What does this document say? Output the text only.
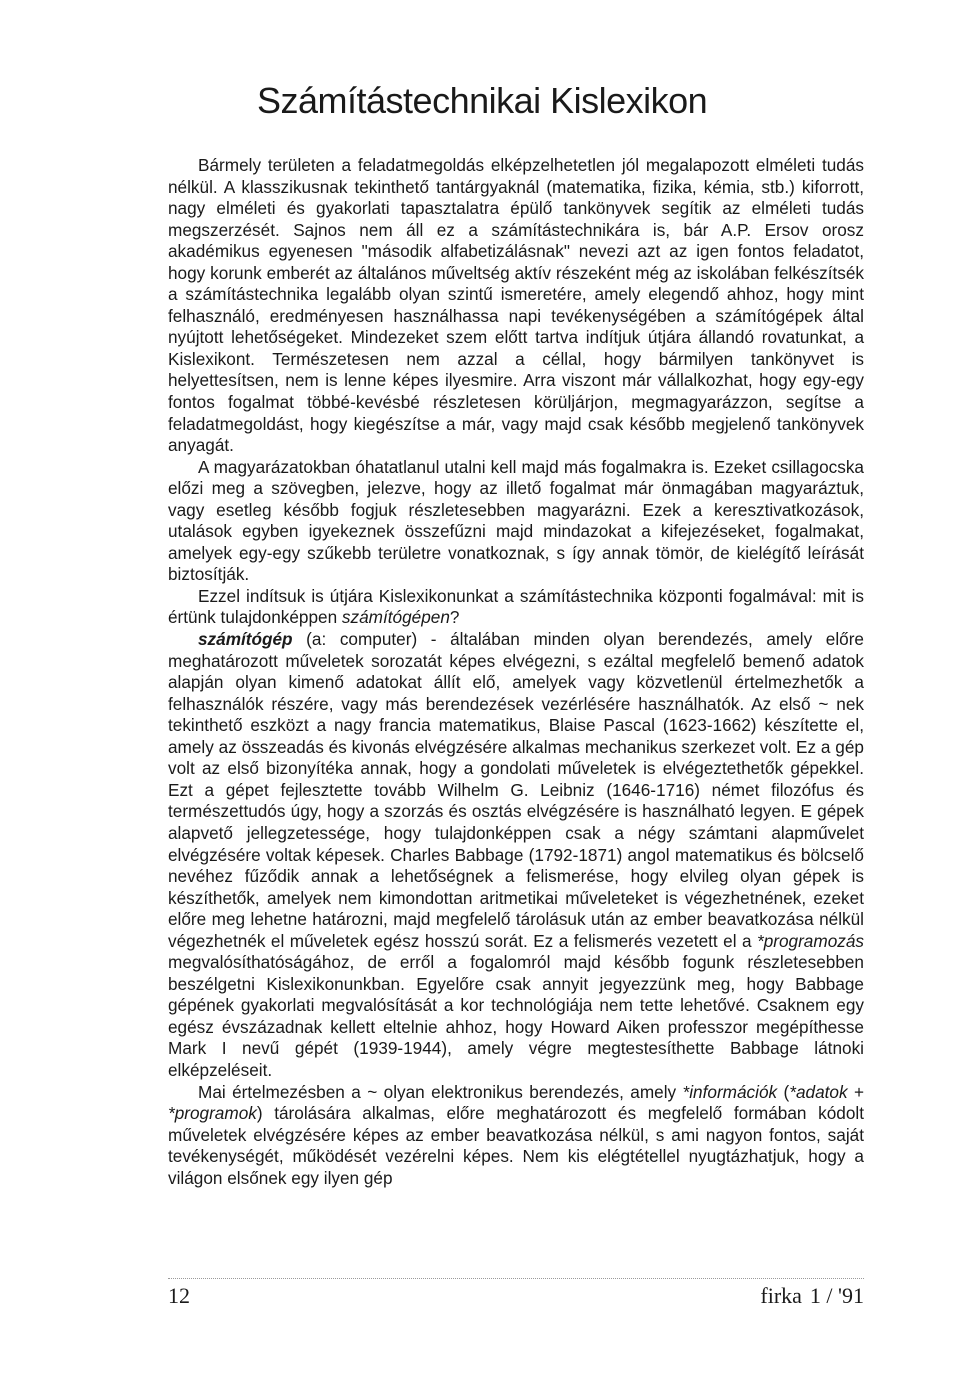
Számítástechnikai Kislexikon

Bármely területen a feladatmegoldás elképzelhetetlen jól megalapozott elméleti tudás nélkül. A klasszikusnak tekinthető tantárgyaknál (matematika, fizika, kémia, stb.) kiforrott, nagy elméleti és gyakorlati tapasztalatra épülő tankönyvek segítik az elméleti tudás megszerzését. Sajnos nem áll ez a számítástechnikára is, bár A.P. Ersov orosz akadémikus egyenesen "második alfabetizálásnak" nevezi azt az igen fontos feladatot, hogy korunk emberét az általános műveltség aktív részeként még az iskolában felkészítsék a számítástechnika legalább olyan szintű ismeretére, amely elegendő ahhoz, hogy mint felhasználó, eredményesen használhassa napi tevékenységében a számítógépek által nyújtott lehetőségeket. Mindezeket szem előtt tartva indítjuk útjára állandó rovatunkat, a Kislexikont. Természetesen nem azzal a céllal, hogy bármilyen tankönyvet is helyettesítsen, nem is lenne képes ilyesmire. Arra viszont már vállalkozhat, hogy egy-egy fontos fogalmat többé-kevésbé részletesen körüljárjon, megmagyarázzon, segítse a feladatmegoldást, hogy kiegészítse a már, vagy majd csak később megjelenő tankönyvek anyagát.

A magyarázatokban óhatatlanul utalni kell majd más fogalmakra is. Ezeket csillagocska előzi meg a szövegben, jelezve, hogy az illető fogalmat már önmagában magyaráztuk, vagy esetleg később fogjuk részletesebben magyarázni. Ezek a keresztivatkozások, utalások egyben igyekeznek összefűzni majd mindazokat a kifejezéseket, fogalmakat, amelyek egy-egy szűkebb területre vonatkoznak, s így annak tömör, de kielégítő leírását biztosítják.

Ezzel indítsuk is útjára Kislexikonunkat a számítástechnika központi fogalmával: mit is értünk tulajdonképpen számítógépen?

számítógép (a: computer) - általában minden olyan berendezés, amely előre meghatározott műveletek sorozatát képes elvégezni, s ezáltal megfelelő bemenő adatok alapján olyan kimenő adatokat állít elő, amelyek vagy közvetlenül értelmezhetők a felhasználók részére, vagy más berendezések vezérlésére használhatók. Az első ~ nek tekinthető eszközt a nagy francia matematikus, Blaise Pascal (1623-1662) készítette el, amely az összeadás és kivonás elvégzésére alkalmas mechanikus szerkezet volt. Ez a gép volt az első bizonyítéka annak, hogy a gondolati műveletek is elvégeztethetők gépekkel. Ezt a gépet fejlesztette tovább Wilhelm G. Leibniz (1646-1716) német filozófus és természettudós úgy, hogy a szorzás és osztás elvégzésére is használható legyen. E gépek alapvető jellegzetessége, hogy tulajdonképpen csak a négy számtani alapművelet elvégzésére voltak képesek. Charles Babbage (1792-1871) angol matematikus és bölcselő nevéhez fűződik annak a lehetőségnek a felismerése, hogy elvileg olyan gépek is készíthetők, amelyek nem kimondottan aritmetikai műveleteket is végezhetnének, ezeket előre meg lehetne határozni, majd megfelelő tárolásuk után az ember beavatkozása nélkül végezhetnék el műveletek egész hosszú sorát. Ez a felismerés vezetett el a *programozás megvalósíthatóságához, de erről a fogalomról majd később fogunk részletesebben beszélgetni Kislexikonunkban. Egyelőre csak annyit jegyezzünk meg, hogy Babbage gépének gyakorlati megvalósítását a kor technológiája nem tette lehetővé. Csaknem egy egész évszázadnak kellett eltelnie ahhoz, hogy Howard Aiken professzor megépíthesse Mark I nevű gépét (1939-1944), amely végre megtestesíthette Babbage látnoki elképzeléseit.

Mai értelmezésben a ~ olyan elektronikus berendezés, amely *információk (*adatok + *programok) tárolására alkalmas, előre meghatározott és megfelelő formában kódolt műveletek elvégzésére képes az ember beavatkozása nélkül, s ami nagyon fontos, saját tevékenységét, működését vezérelni képes. Nem kis elégtétellel nyugtázhatjuk, hogy a világon elsőnek egy ilyen gép

12	firka 1 / '91
